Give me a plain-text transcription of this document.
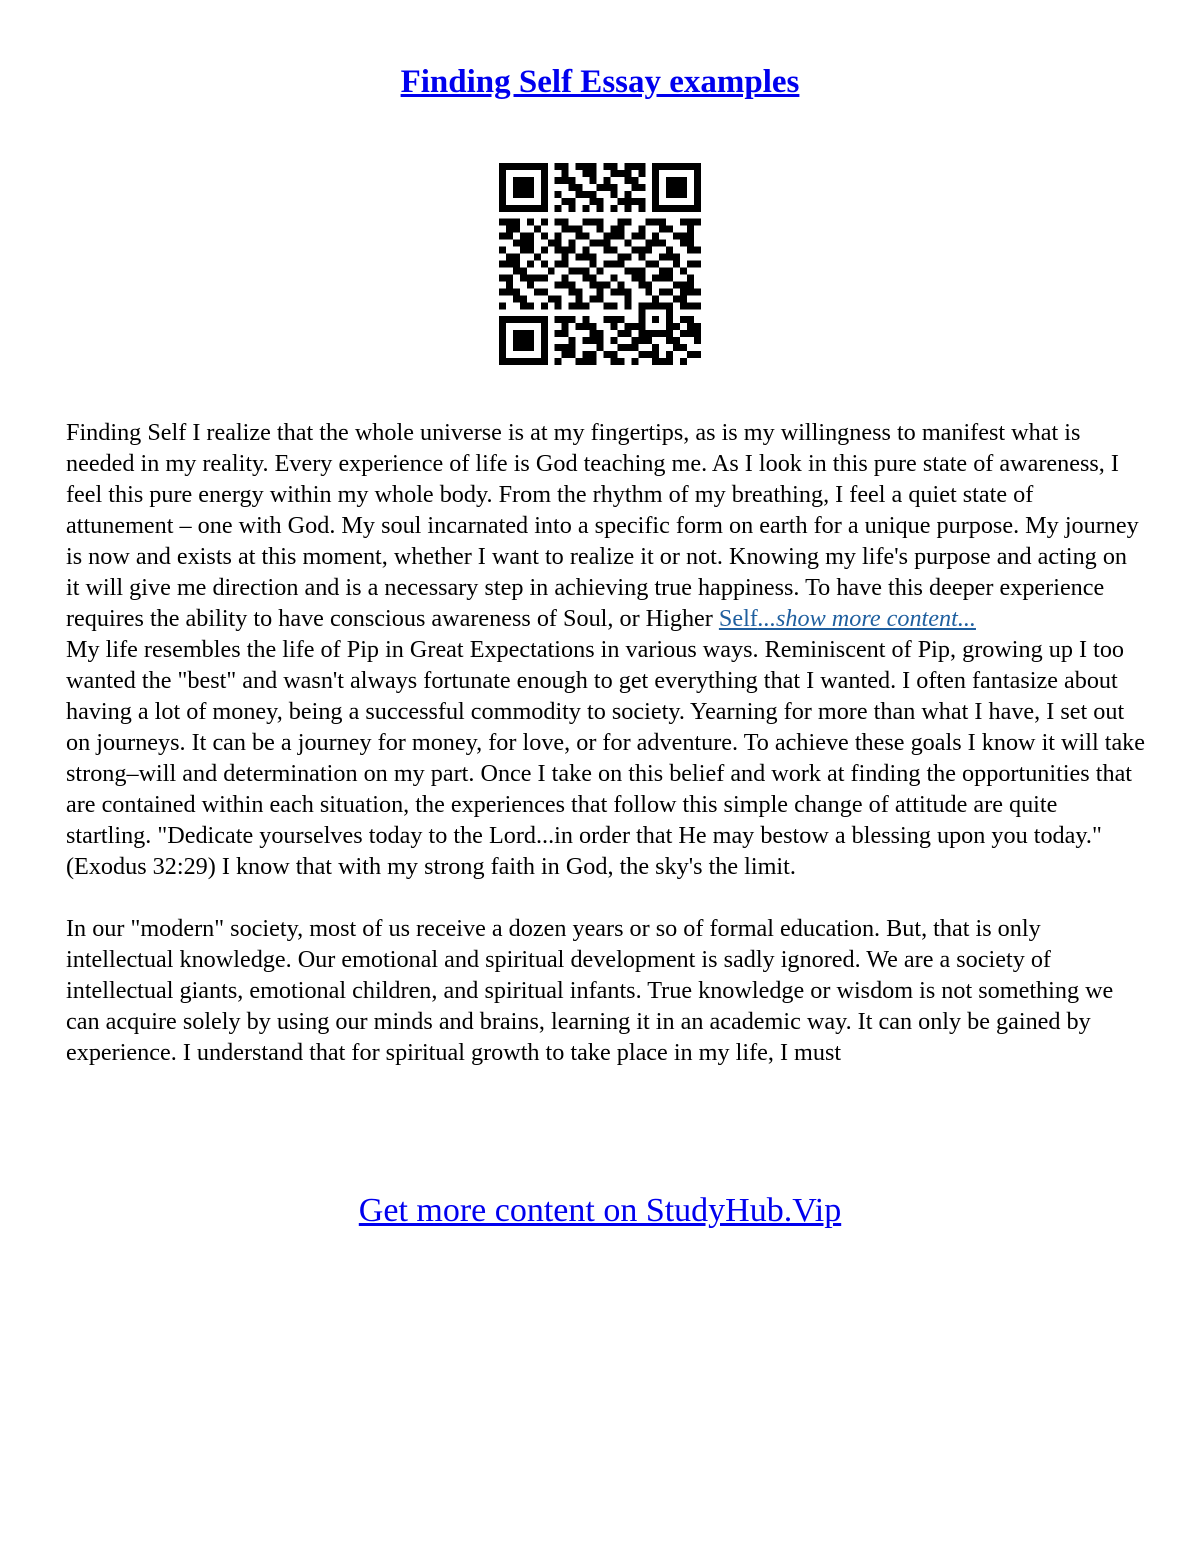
Finding Self Essay examples

Finding Self I realize that the whole universe is at my fingertips, as is my willingness to manifest what is needed in my reality. Every experience of life is God teaching me. As I look in this pure state of awareness, I feel this pure energy within my whole body. From the rhythm of my breathing, I feel a quiet state of attunement – one with God. My soul incarnated into a specific form on earth for a unique purpose. My journey is now and exists at this moment, whether I want to realize it or not. Knowing my life's purpose and acting on it will give me direction and is a necessary step in achieving true happiness. To have this deeper experience requires the ability to have conscious awareness of Soul, or Higher Self...show more content...

My life resembles the life of Pip in Great Expectations in various ways. Reminiscent of Pip, growing up I too wanted the "best" and wasn't always fortunate enough to get everything that I wanted. I often fantasize about having a lot of money, being a successful commodity to society. Yearning for more than what I have, I set out on journeys. It can be a journey for money, for love, or for adventure. To achieve these goals I know it will take strong–will and determination on my part. Once I take on this belief and work at finding the opportunities that are contained within each situation, the experiences that follow this simple change of attitude are quite startling. "Dedicate yourselves today to the Lord...in order that He may bestow a blessing upon you today."(Exodus 32:29) I know that with my strong faith in God, the sky's the limit.

In our "modern" society, most of us receive a dozen years or so of formal education. But, that is only intellectual knowledge. Our emotional and spiritual development is sadly ignored. We are a society of intellectual giants, emotional children, and spiritual infants. True knowledge or wisdom is not something we can acquire solely by using our minds and brains, learning it in an academic way. It can only be gained by experience. I understand that for spiritual growth to take place in my life, I must

Get more content on StudyHub.Vip
